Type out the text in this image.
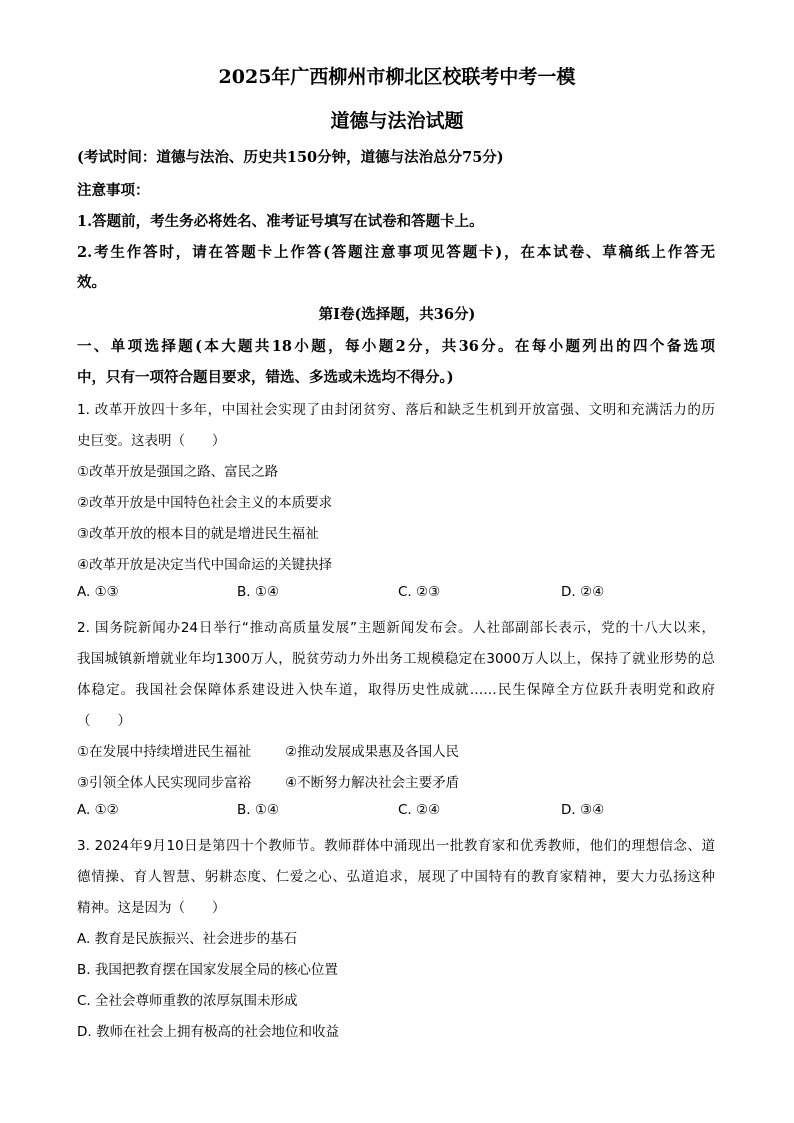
2025年广西柳州市柳北区校联考中考一模
道德与法治试题
(考试时间：道德与法治、历史共150分钟，道德与法治总分75分)
注意事项：
1.答题前，考生务必将姓名、准考证号填写在试卷和答题卡上。
2.考生作答时，请在答题卡上作答(答题注意事项见答题卡)，在本试卷、草稿纸上作答无
效。
第Ⅰ卷(选择题，共36分)
一、单项选择题(本大题共18小题，每小题2分，共36分。在每小题列出的四个备选项
中，只有一项符合题目要求，错选、多选或未选均不得分。)
1. 改革开放四十多年，中国社会实现了由封闭贫穷、落后和缺乏生机到开放富强、文明和充满活力的历
史巨变。这表明（　　）
①改革开放是强国之路、富民之路
②改革开放是中国特色社会主义的本质要求
③改革开放的根本目的就是增进民生福祉
④改革开放是决定当代中国命运的关键抉择
A. ①③	B. ①④	C. ②③	D. ②④
2. 国务院新闻办24日举行“推动高质量发展”主题新闻发布会。人社部副部长表示，党的十八大以来，
我国城镇新增就业年均1300万人，脱贫劳动力外出务工规模稳定在3000万人以上，保持了就业形势的总
体稳定。我国社会保障体系建设进入快车道，取得历史性成就……民生保障全方位跃升表明党和政府
（　　）
①在发展中持续增进民生福祉	②推动发展成果惠及各国人民
③引领全体人民实现同步富裕	④不断努力解决社会主要矛盾
A. ①②	B. ①④	C. ②④	D. ③④
3. 2024年9月10日是第四十个教师节。教师群体中涌现出一批教育家和优秀教师，他们的理想信念、道
德情操、育人智慧、躬耕态度、仁爱之心、弘道追求，展现了中国特有的教育家精神，要大力弘扬这种
精神。这是因为（　　）
A. 教育是民族振兴、社会进步的基石
B. 我国把教育摆在国家发展全局的核心位置
C. 全社会尊师重教的浓厚氛围未形成
D. 教师在社会上拥有极高的社会地位和收益
